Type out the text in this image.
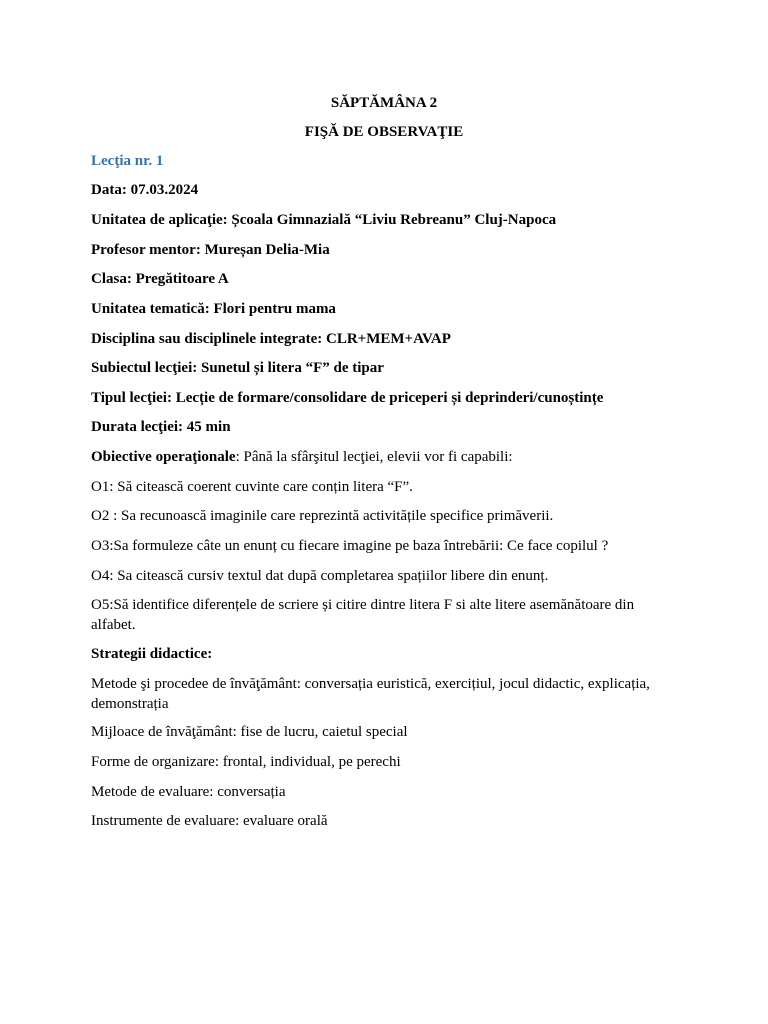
SĂPTĂMÂNA 2
FIŞĂ DE OBSERVAŢIE
Lecţia nr. 1
Data: 07.03.2024
Unitatea de aplicaţie: Școala Gimnazială “Liviu Rebreanu” Cluj-Napoca
Profesor mentor: Mureșan Delia-Mia
Clasa: Pregătitoare A
Unitatea tematică: Flori pentru mama
Disciplina sau disciplinele integrate: CLR+MEM+AVAP
Subiectul lecţiei: Sunetul și litera “F” de tipar
Tipul lecţiei: Lecție de formare/consolidare de priceperi și deprinderi/cunoștințe
Durata lecţiei: 45 min
Obiective operaţionale: Până la sfârşitul lecţiei, elevii vor fi capabili:
O1: Să citească coerent cuvinte care conțin litera “F”.
O2 : Sa recunoască imaginile care reprezintă activitățile specifice primăverii.
O3:Sa formuleze câte un enunț cu fiecare imagine pe baza întrebării: Ce face copilul ?
O4: Sa citească cursiv textul dat după completarea spațiilor libere din enunț.
O5:Să identifice diferențele de scriere și citire dintre litera F si alte litere asemănătoare din alfabet.
Strategii didactice:
Metode şi procedee de învăţământ: conversația euristică, exercițiul, jocul didactic, explicația, demonstrația
Mijloace de învăţământ: fise de lucru, caietul special
Forme de organizare: frontal, individual, pe perechi
Metode de evaluare: conversația
Instrumente de evaluare: evaluare orală
